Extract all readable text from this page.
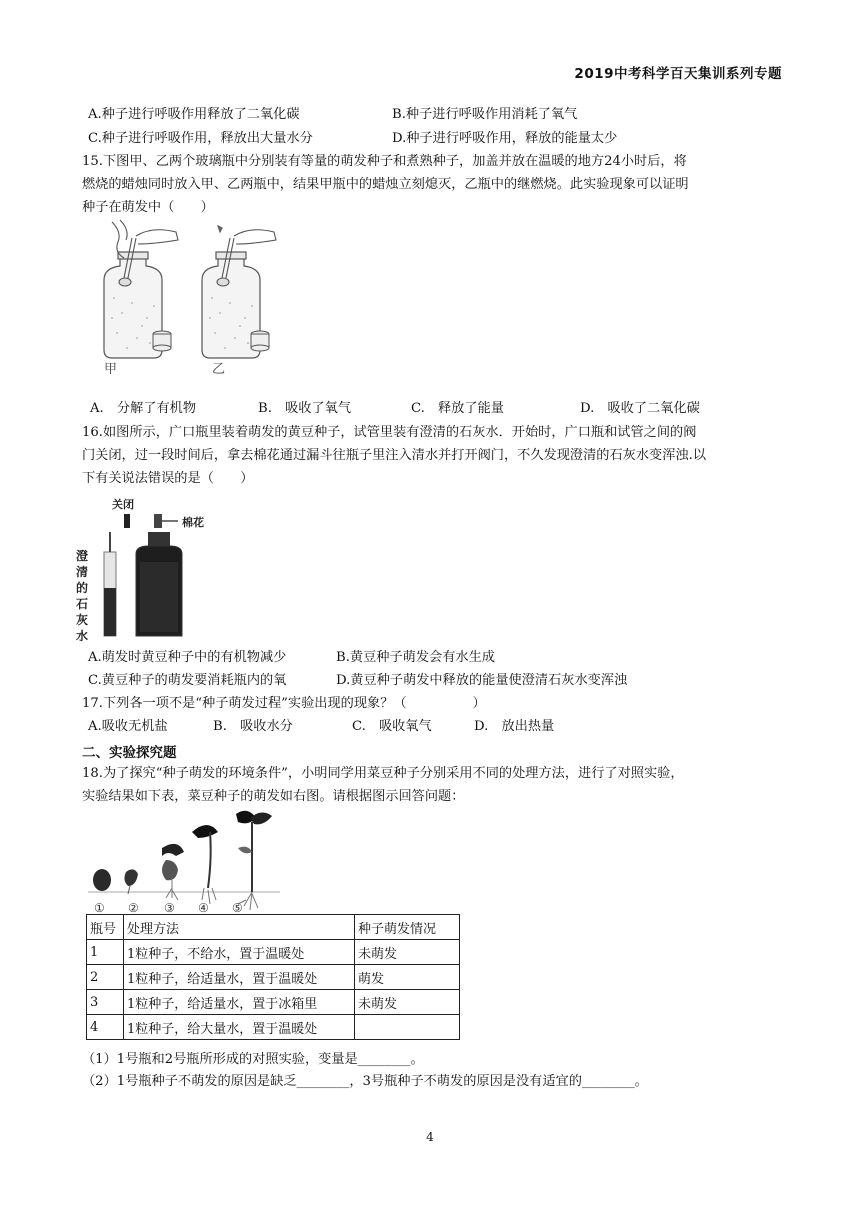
2019中考科学百天集训系列专题
A.种子进行呼吸作用释放了二氧化碳	B.种子进行呼吸作用消耗了氧气
C.种子进行呼吸作用，释放出大量水分	D.种子进行呼吸作用，释放的能量太少
15.下图甲、乙两个玻璃瓶中分别装有等量的萌发种子和煮熟种子，加盖并放在温暖的地方24小时后，将
燃烧的蜡烛同时放入甲、乙两瓶中，结果甲瓶中的蜡烛立刻熄灭，乙瓶中的继燃烧。此实验现象可以证明
种子在萌发中（　　）
甲	乙
A.　分解了有机物	B.　吸收了氧气	C.　释放了能量	D.　吸收了二氧化碳
16.如图所示，广口瓶里装着萌发的黄豆种子，试管里装有澄清的石灰水．开始时，广口瓶和试管之间的阀
门关闭，过一段时间后，拿去棉花通过漏斗往瓶子里注入清水并打开阀门，不久发现澄清的石灰水变浑浊.以
下有关说法错误的是（　　）
关闭
棉花
澄清的 石灰水
A.萌发时黄豆种子中的有机物减少	B.黄豆种子萌发会有水生成
C.黄豆种子的萌发要消耗瓶内的氧	D.黄豆种子萌发中释放的能量使澄清石灰水变浑浊
17.下列各一项不是“种子萌发过程”实验出现的现象？（　　　　　）
A.吸收无机盐	B.　吸收水分	C.　吸收氧气	D.　放出热量
二、实验探究题
18.为了探究“种子萌发的环境条件”，小明同学用菜豆种子分别采用不同的处理方法，进行了对照实验，
实验结果如下表，菜豆种子的萌发如右图。请根据图示回答问题：
① ② ③ ④ ⑤
瓶号	处理方法	种子萌发情况
1	1粒种子，不给水，置于温暖处	未萌发
2	1粒种子，给适量水，置于温暖处	萌发
3	1粒种子，给适量水，置于冰箱里	未萌发
4	1粒种子，给大量水，置于温暖处	
（1）1号瓶和2号瓶所形成的对照实验，变量是________。
（2）1号瓶种子不萌发的原因是缺乏________，3号瓶种子不萌发的原因是没有适宜的________。
4
